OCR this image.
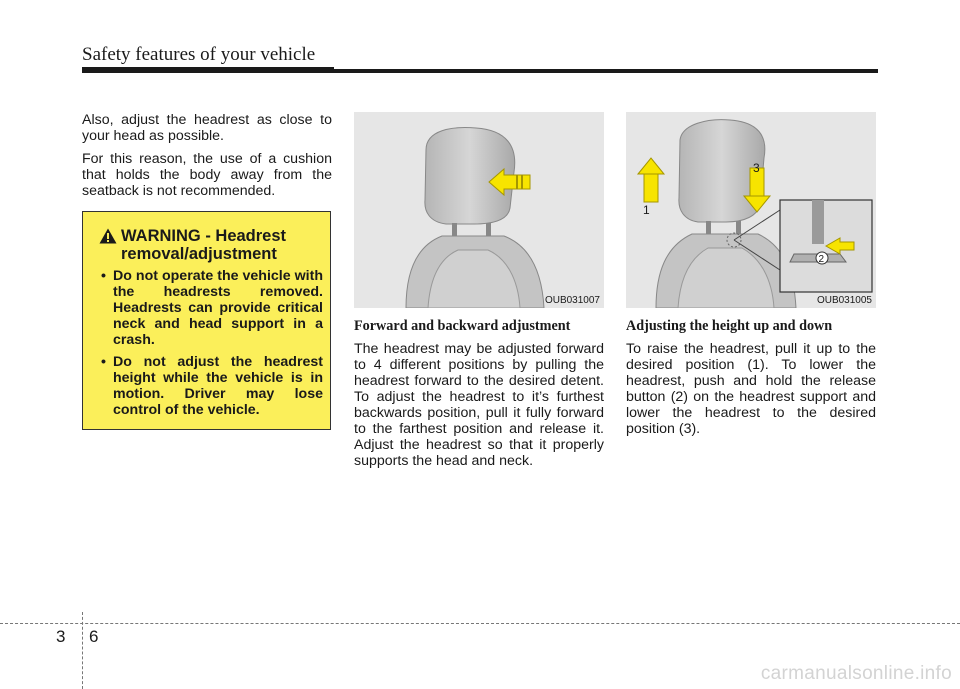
Safety features of your vehicle

Also, adjust the headrest as close to your head as possible.

For this reason, the use of a cushion that holds the body away from the seatback is not recommended.

WARNING - Headrest removal/adjustment
• Do not operate the vehicle with the headrests removed. Headrests can provide critical neck and head support in a crash.
• Do not adjust the headrest height while the vehicle is in motion. Driver may lose control of the vehicle.
OUB031007
1
3
2
OUB031005

Forward and backward adjustment

The headrest may be adjusted forward to 4 different positions by pulling the headrest forward to the desired detent. To adjust the headrest to it’s furthest backwards position, pull it fully forward to the farthest position and release it. Adjust the headrest so that it properly supports the head and neck.

Adjusting the height up and down

To raise the headrest, pull it up to the desired position (1). To lower the headrest, push and hold the release button (2) on the headrest support and lower the headrest to the desired position (3).

3 6
carmanualsonline.info
